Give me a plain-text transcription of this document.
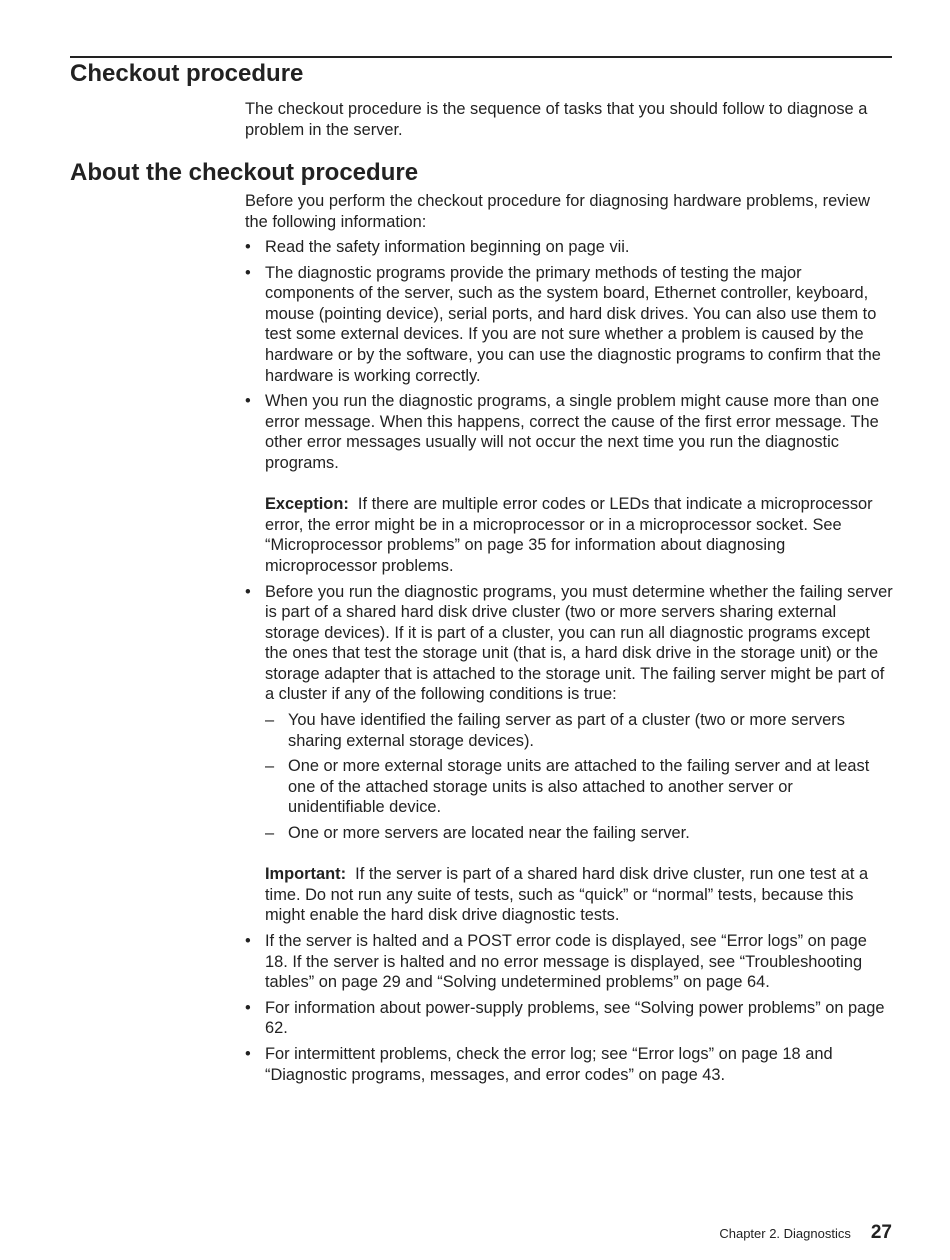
Checkout procedure

The checkout procedure is the sequence of tasks that you should follow to diagnose a problem in the server.

About the checkout procedure

Before you perform the checkout procedure for diagnosing hardware problems, review the following information:

• Read the safety information beginning on page vii.
• The diagnostic programs provide the primary methods of testing the major components of the server, such as the system board, Ethernet controller, keyboard, mouse (pointing device), serial ports, and hard disk drives. You can also use them to test some external devices. If you are not sure whether a problem is caused by the hardware or by the software, you can use the diagnostic programs to confirm that the hardware is working correctly.
• When you run the diagnostic programs, a single problem might cause more than one error message. When this happens, correct the cause of the first error message. The other error messages usually will not occur the next time you run the diagnostic programs.
Exception: If there are multiple error codes or LEDs that indicate a microprocessor error, the error might be in a microprocessor or in a microprocessor socket. See “Microprocessor problems” on page 35 for information about diagnosing microprocessor problems.
• Before you run the diagnostic programs, you must determine whether the failing server is part of a shared hard disk drive cluster (two or more servers sharing external storage devices). If it is part of a cluster, you can run all diagnostic programs except the ones that test the storage unit (that is, a hard disk drive in the storage unit) or the storage adapter that is attached to the storage unit. The failing server might be part of a cluster if any of the following conditions is true:
– You have identified the failing server as part of a cluster (two or more servers sharing external storage devices).
– One or more external storage units are attached to the failing server and at least one of the attached storage units is also attached to another server or unidentifiable device.
– One or more servers are located near the failing server.
Important: If the server is part of a shared hard disk drive cluster, run one test at a time. Do not run any suite of tests, such as “quick” or “normal” tests, because this might enable the hard disk drive diagnostic tests.
• If the server is halted and a POST error code is displayed, see “Error logs” on page 18. If the server is halted and no error message is displayed, see “Troubleshooting tables” on page 29 and “Solving undetermined problems” on page 64.
• For information about power-supply problems, see “Solving power problems” on page 62.
• For intermittent problems, check the error log; see “Error logs” on page 18 and “Diagnostic programs, messages, and error codes” on page 43.
Chapter 2. Diagnostics 27
